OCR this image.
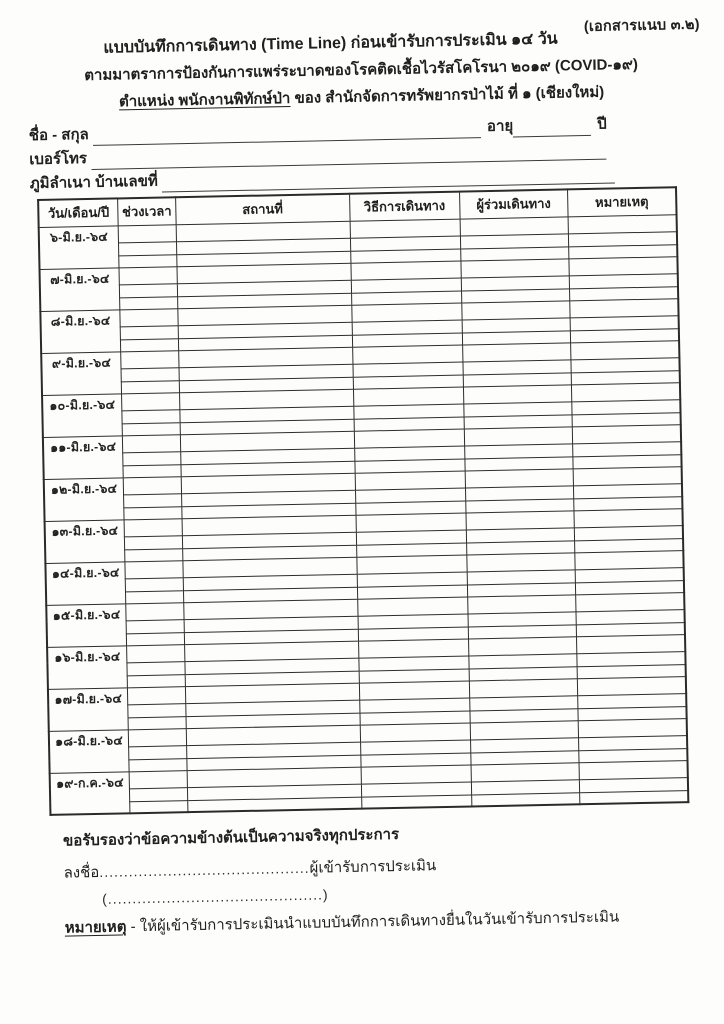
(เอกสารแนบ ๓.๒)
แบบบันทึกการเดินทาง (Time Line) ก่อนเข้ารับการประเมิน ๑๔ วัน
ตามมาตราการป้องกันการแพร่ระบาดของโรคติดเชื้อไวรัสโคโรนา ๒๐๑๙ (COVID-๑๙)
ตำแหน่ง พนักงานพิทักษ์ป่า ของ สำนักจัดการทรัพยากรป่าไม้ ที่ ๑ (เชียงใหม่)
ชื่อ - สกุล	อายุ	ปี
เบอร์โทร
ภูมิลำเนา บ้านเลขที่
วัน/เดือน/ปี	ช่วงเวลา	สถานที่	วิธีการเดินทาง	ผู้ร่วมเดินทาง	หมายเหตุ
๖-มิ.ย.-๖๔					

๗-มิ.ย.-๖๔					

๘-มิ.ย.-๖๔					

๙-มิ.ย.-๖๔					

๑๐-มิ.ย.-๖๔					

๑๑-มิ.ย.-๖๔					

๑๒-มิ.ย.-๖๔					

๑๓-มิ.ย.-๖๔					

๑๔-มิ.ย.-๖๔					

๑๕-มิ.ย.-๖๔					

๑๖-มิ.ย.-๖๔					

๑๗-มิ.ย.-๖๔					

๑๘-มิ.ย.-๖๔					

๑๙-ก.ค.-๖๔					

ขอรับรองว่าข้อความข้างต้นเป็นความจริงทุกประการ
ลงชื่อ...........................................ผู้เข้ารับการประเมิน
(............................................)
หมายเหตุ - ให้ผู้เข้ารับการประเมินนำแบบบันทึกการเดินทางยื่นในวันเข้ารับการประเมิน
